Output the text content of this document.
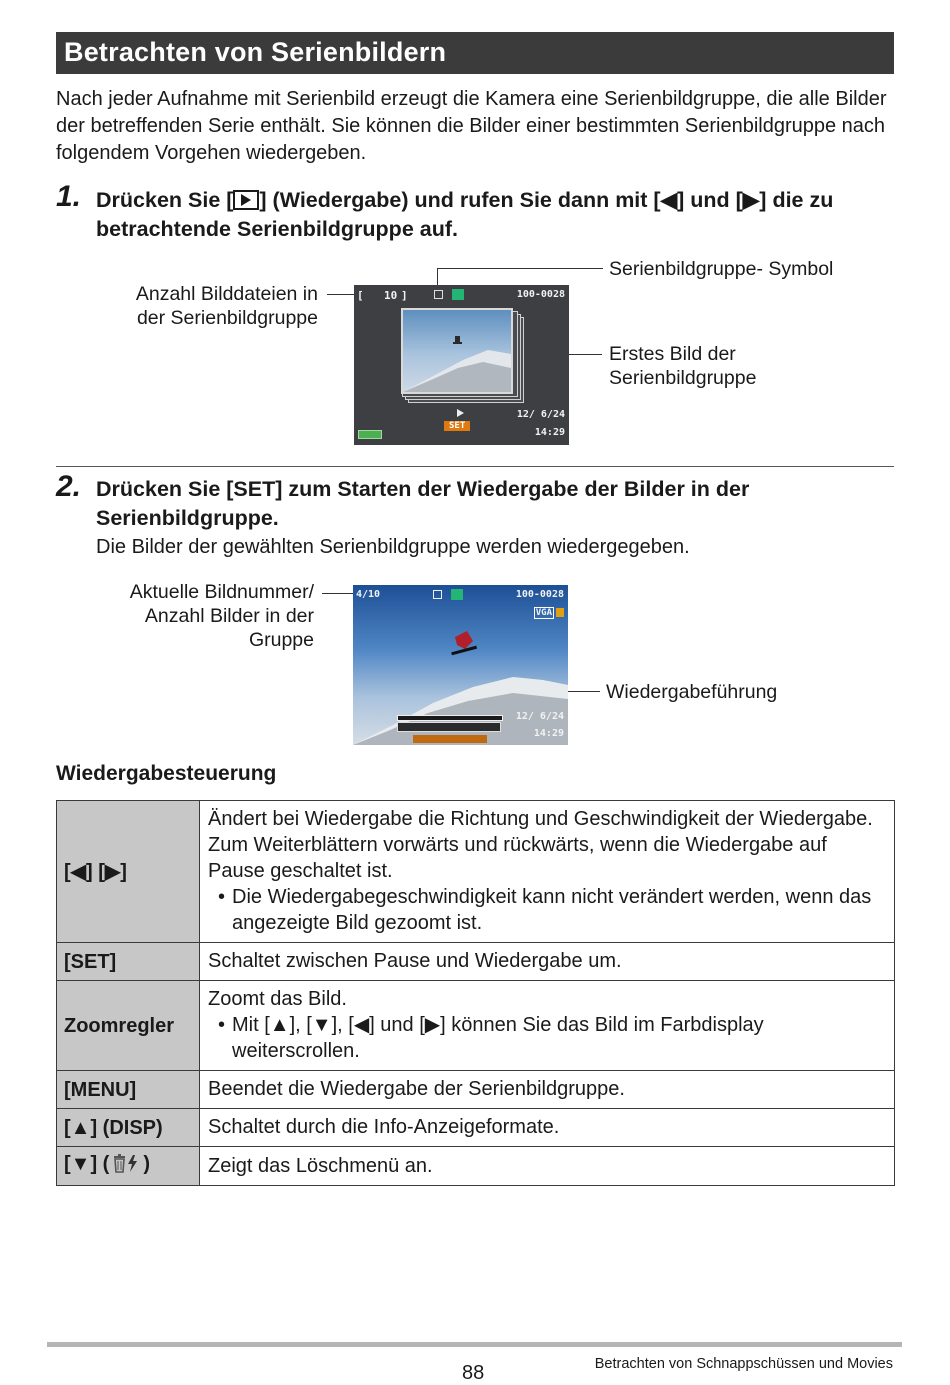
Betrachten von Serienbildern
Nach jeder Aufnahme mit Serienbild erzeugt die Kamera eine Serienbildgruppe, die alle Bilder der betreffenden Serie enthält. Sie können die Bilder einer bestimmten Serienbildgruppe nach folgendem Vorgehen wiedergeben.
1. Drücken Sie [ ] (Wiedergabe) und rufen Sie dann mit [◀] und [▶] die zu betrachtende Serienbildgruppe auf.
Anzahl Bilddateien in
der Serienbildgruppe
Serienbildgruppe- Symbol
Erstes Bild der
Serienbildgruppe
[ 10 ]	100-0028
SET
12/ 6/24
14:29
2. Drücken Sie [SET] zum Starten der Wiedergabe der Bilder in der Serienbildgruppe.
Die Bilder der gewählten Serienbildgruppe werden wiedergegeben.
Aktuelle Bildnummer/
Anzahl Bilder in der
Gruppe
Wiedergabeführung
4/10	100-0028
VGA
12/ 6/24
14:29
Wiedergabesteuerung
[◀] [▶]	Ändert bei Wiedergabe die Richtung und Geschwindigkeit der Wiedergabe.
Zum Weiterblättern vorwärts und rückwärts, wenn die Wiedergabe auf Pause geschaltet ist.
• Die Wiedergabegeschwindigkeit kann nicht verändert werden, wenn das angezeigte Bild gezoomt ist.

[SET]	Schaltet zwischen Pause und Wiedergabe um.

Zoomregler	Zoomt das Bild.
• Mit [▲], [▼], [◀] und [▶] können Sie das Bild im Farbdisplay weiterscrollen.

[MENU]	Beendet die Wiedergabe der Serienbildgruppe.

[▲] (DISP)	Schaltet durch die Info-Anzeigeformate.

[▼] ( )	Zeigt das Löschmenü an.
88	Betrachten von Schnappschüssen und Movies
